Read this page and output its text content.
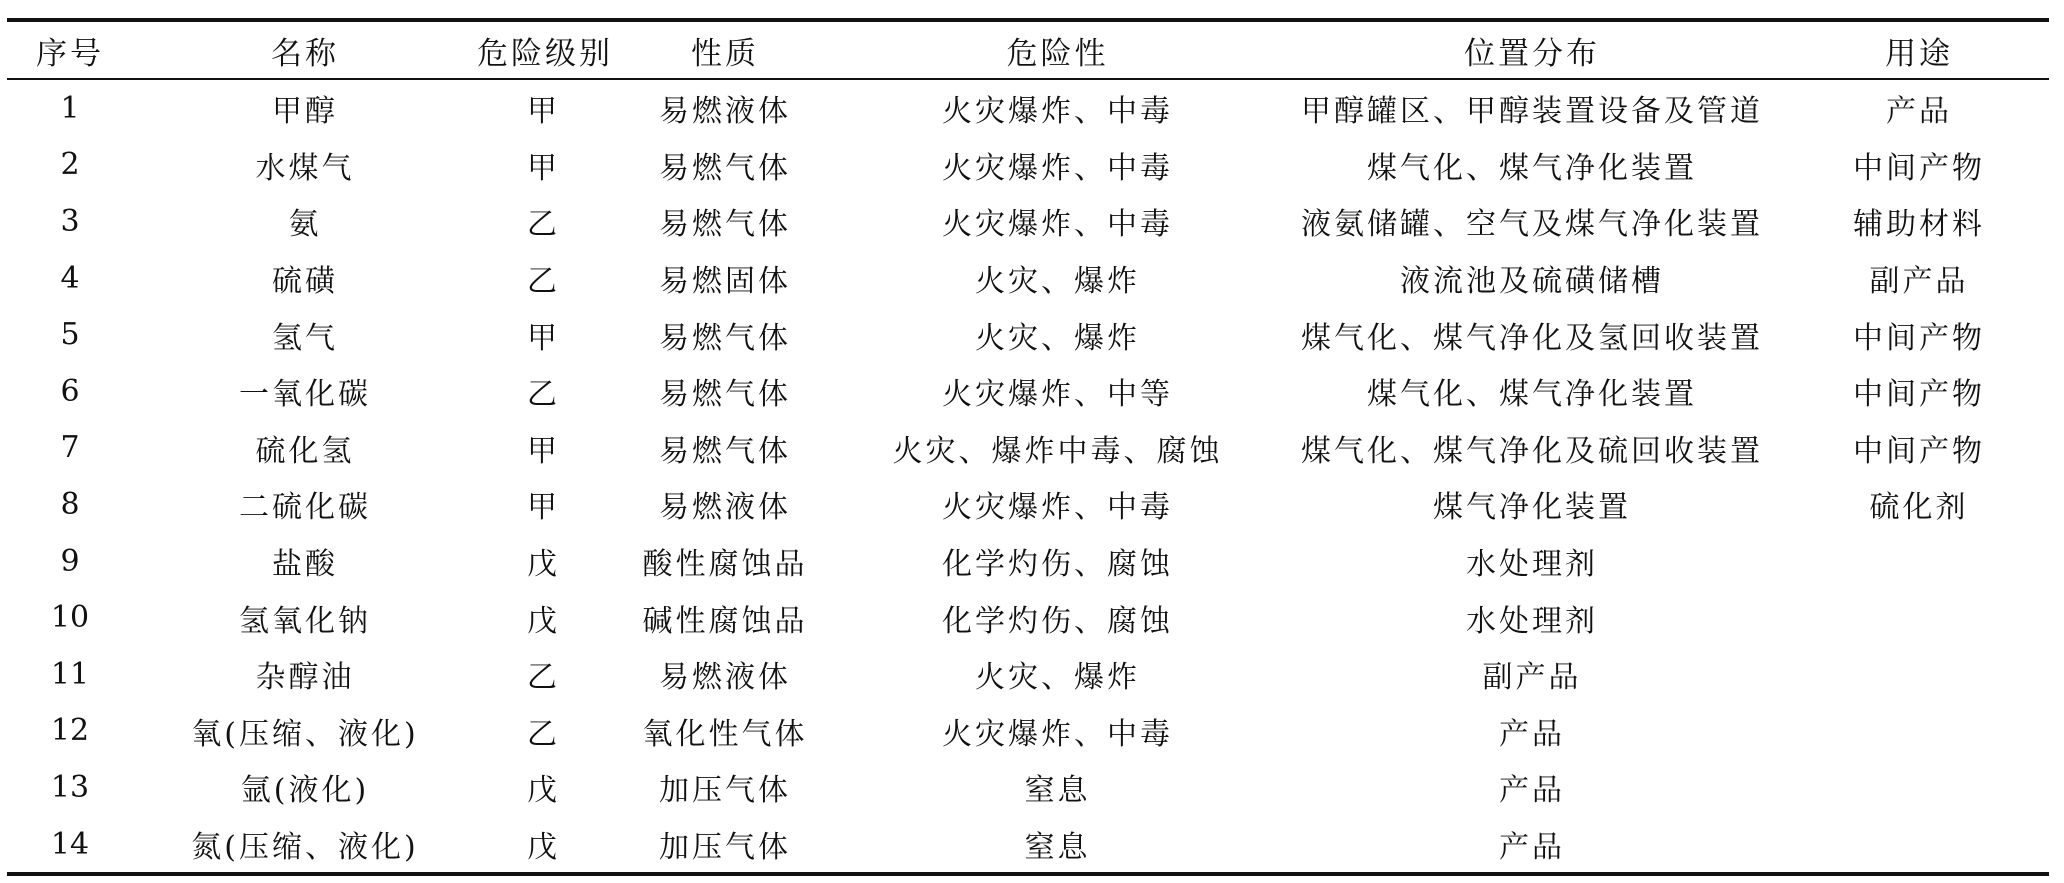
序号	名称	危险级别	性质	危险性	位置分布	用途
1	甲醇	甲	易燃液体	火灾爆炸、中毒	甲醇罐区、甲醇装置设备及管道	产品
2	水煤气	甲	易燃气体	火灾爆炸、中毒	煤气化、煤气净化装置	中间产物
3	氨	乙	易燃气体	火灾爆炸、中毒	液氨储罐、空气及煤气净化装置	辅助材料
4	硫磺	乙	易燃固体	火灾、爆炸	液流池及硫磺储槽	副产品
5	氢气	甲	易燃气体	火灾、爆炸	煤气化、煤气净化及氢回收装置	中间产物
6	一氧化碳	乙	易燃气体	火灾爆炸、中等	煤气化、煤气净化装置	中间产物
7	硫化氢	甲	易燃气体	火灾、爆炸中毒、腐蚀	煤气化、煤气净化及硫回收装置	中间产物
8	二硫化碳	甲	易燃液体	火灾爆炸、中毒	煤气净化装置	硫化剂
9	盐酸	戊	酸性腐蚀品	化学灼伤、腐蚀	水处理剂	
10	氢氧化钠	戊	碱性腐蚀品	化学灼伤、腐蚀	水处理剂	
11	杂醇油	乙	易燃液体	火灾、爆炸	副产品	
12	氧(压缩、液化)	乙	氧化性气体	火灾爆炸、中毒	产品	
13	氩(液化)	戊	加压气体	窒息	产品	
14	氮(压缩、液化)	戊	加压气体	窒息	产品	
